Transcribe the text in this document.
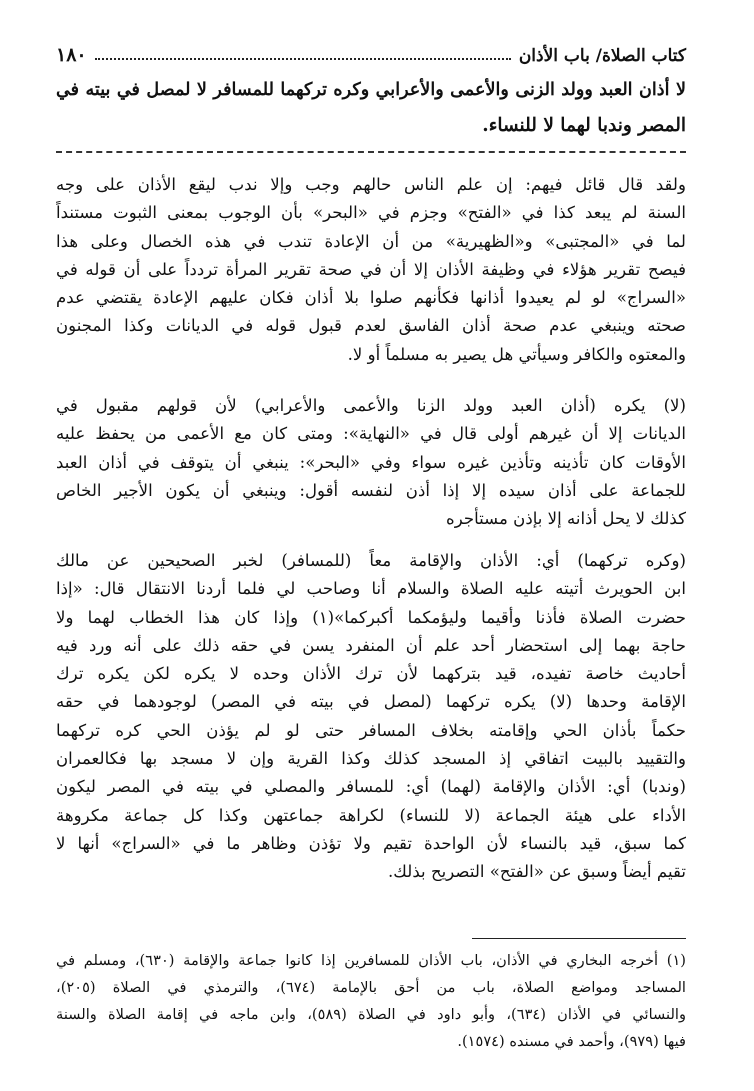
كتاب الصلاة/ باب الأذان
١٨٠
لا أذان العبد وولد الزنى والأعمى والأعرابي وكره تركهما للمسافر لا لمصل في بيته في
المصر وندبا لهما لا للنساء.
ولقد قال قائل فيهم: إن علم الناس حالهم وجب وإلا ندب ليقع الأذان على وجه
السنة لم يبعد كذا في «الفتح» وجزم في «البحر» بأن الوجوب بمعنى الثبوت مستنداً
لما في «المجتبى» و«الظهيرية» من أن الإعادة تندب في هذه الخصال وعلى هذا
فيصح تقرير هؤلاء في وظيفة الأذان إلا أن في صحة تقرير المرأة تردداً على أن قوله في
«السراج» لو لم يعيدوا أذانها فكأنهم صلوا بلا أذان فكان عليهم الإعادة يقتضي عدم
صحته وينبغي عدم صحة أذان الفاسق لعدم قبول قوله في الديانات وكذا المجنون
والمعتوه والكافر وسيأتي هل يصير به مسلماً أو لا.
(لا) يكره (أذان العبد وولد الزنا والأعمى والأعرابي) لأن قولهم مقبول في
الديانات إلا أن غيرهم أولى قال في «النهاية»: ومتى كان مع الأعمى من يحفظ عليه
الأوقات كان تأذينه وتأذين غيره سواء وفي «البحر»: ينبغي أن يتوقف في أذان العبد
للجماعة على أذان سيده إلا إذا أذن لنفسه أقول: وينبغي أن يكون الأجير الخاص
كذلك لا يحل أذانه إلا بإذن مستأجره
(وكره تركهما) أي: الأذان والإقامة معاً (للمسافر) لخبر الصحيحين عن مالك
ابن الحويرث أتيته عليه الصلاة والسلام أنا وصاحب لي فلما أردنا الانتقال قال: «إذا
حضرت الصلاة فأذنا وأقيما وليؤمكما أكبركما»(١) وإذا كان هذا الخطاب لهما ولا
حاجة بهما إلى استحضار أحد علم أن المنفرد يسن في حقه ذلك على أنه ورد فيه
أحاديث خاصة تفيده، قيد بتركهما لأن ترك الأذان وحده لا يكره لكن يكره ترك
الإقامة وحدها (لا) يكره تركهما (لمصل في بيته في المصر) لوجودهما في حقه
حكماً بأذان الحي وإقامته بخلاف المسافر حتى لو لم يؤذن الحي كره تركهما
والتقييد بالبيت اتفاقي إذ المسجد كذلك وكذا القرية وإن لا مسجد بها فكالعمران
(وندبا) أي: الأذان والإقامة (لهما) أي: للمسافر والمصلي في بيته في المصر ليكون
الأداء على هيئة الجماعة (لا للنساء) لكراهة جماعتهن وكذا كل جماعة مكروهة
كما سبق، قيد بالنساء لأن الواحدة تقيم ولا تؤذن وظاهر ما في «السراج» أنها لا
تقيم أيضاً وسبق عن «الفتح» التصريح بذلك.
(١) أخرجه البخاري في الأذان، باب الأذان للمسافرين إذا كانوا جماعة والإقامة (٦٣٠)، ومسلم في
المساجد ومواضع الصلاة، باب من أحق بالإمامة (٦٧٤)، والترمذي في الصلاة (٢٠٥)،
والنسائي في الأذان (٦٣٤)، وأبو داود في الصلاة (٥٨٩)، وابن ماجه في إقامة الصلاة والسنة
فيها (٩٧٩)، وأحمد في مسنده (١٥٧٤).
